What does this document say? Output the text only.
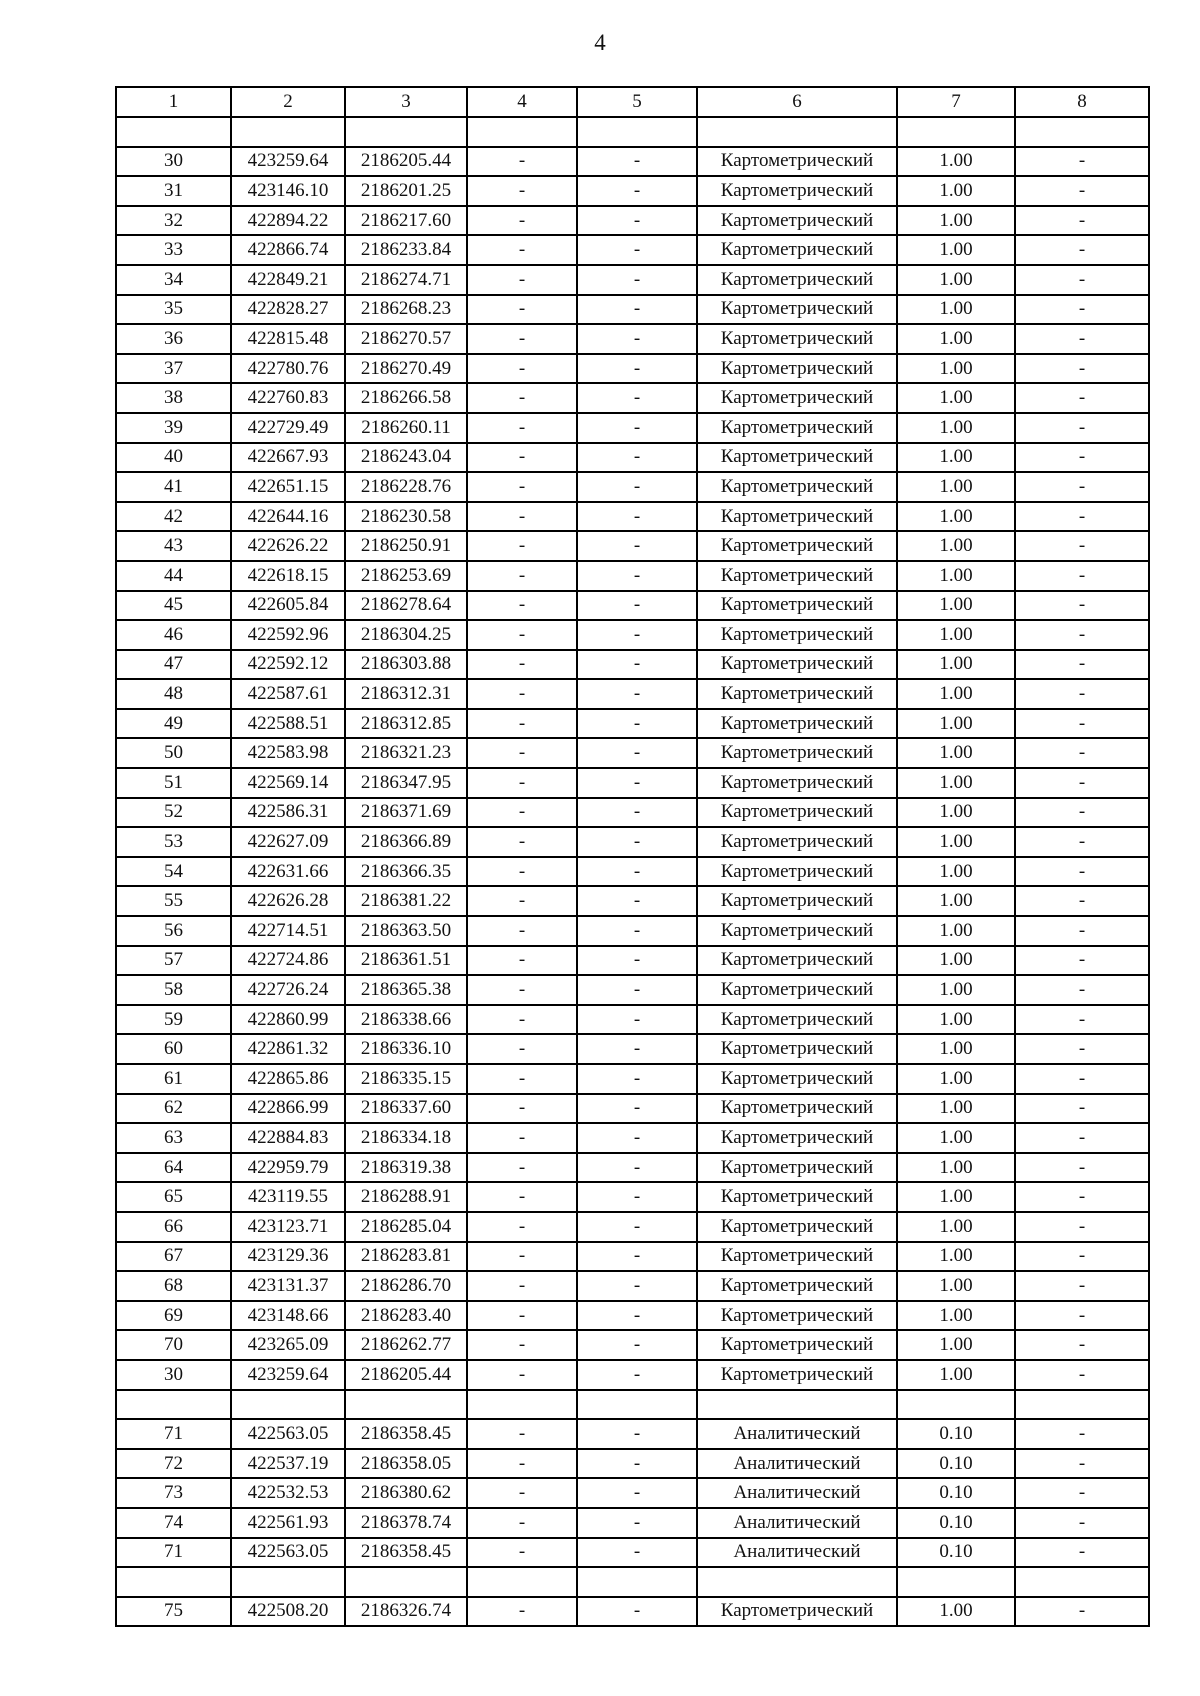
4
1	2	3	4	5	6	7	8

30	423259.64	2186205.44	-	-	Картометрический	1.00	-
31	423146.10	2186201.25	-	-	Картометрический	1.00	-
32	422894.22	2186217.60	-	-	Картометрический	1.00	-
33	422866.74	2186233.84	-	-	Картометрический	1.00	-
34	422849.21	2186274.71	-	-	Картометрический	1.00	-
35	422828.27	2186268.23	-	-	Картометрический	1.00	-
36	422815.48	2186270.57	-	-	Картометрический	1.00	-
37	422780.76	2186270.49	-	-	Картометрический	1.00	-
38	422760.83	2186266.58	-	-	Картометрический	1.00	-
39	422729.49	2186260.11	-	-	Картометрический	1.00	-
40	422667.93	2186243.04	-	-	Картометрический	1.00	-
41	422651.15	2186228.76	-	-	Картометрический	1.00	-
42	422644.16	2186230.58	-	-	Картометрический	1.00	-
43	422626.22	2186250.91	-	-	Картометрический	1.00	-
44	422618.15	2186253.69	-	-	Картометрический	1.00	-
45	422605.84	2186278.64	-	-	Картометрический	1.00	-
46	422592.96	2186304.25	-	-	Картометрический	1.00	-
47	422592.12	2186303.88	-	-	Картометрический	1.00	-
48	422587.61	2186312.31	-	-	Картометрический	1.00	-
49	422588.51	2186312.85	-	-	Картометрический	1.00	-
50	422583.98	2186321.23	-	-	Картометрический	1.00	-
51	422569.14	2186347.95	-	-	Картометрический	1.00	-
52	422586.31	2186371.69	-	-	Картометрический	1.00	-
53	422627.09	2186366.89	-	-	Картометрический	1.00	-
54	422631.66	2186366.35	-	-	Картометрический	1.00	-
55	422626.28	2186381.22	-	-	Картометрический	1.00	-
56	422714.51	2186363.50	-	-	Картометрический	1.00	-
57	422724.86	2186361.51	-	-	Картометрический	1.00	-
58	422726.24	2186365.38	-	-	Картометрический	1.00	-
59	422860.99	2186338.66	-	-	Картометрический	1.00	-
60	422861.32	2186336.10	-	-	Картометрический	1.00	-
61	422865.86	2186335.15	-	-	Картометрический	1.00	-
62	422866.99	2186337.60	-	-	Картометрический	1.00	-
63	422884.83	2186334.18	-	-	Картометрический	1.00	-
64	422959.79	2186319.38	-	-	Картометрический	1.00	-
65	423119.55	2186288.91	-	-	Картометрический	1.00	-
66	423123.71	2186285.04	-	-	Картометрический	1.00	-
67	423129.36	2186283.81	-	-	Картометрический	1.00	-
68	423131.37	2186286.70	-	-	Картометрический	1.00	-
69	423148.66	2186283.40	-	-	Картометрический	1.00	-
70	423265.09	2186262.77	-	-	Картометрический	1.00	-
30	423259.64	2186205.44	-	-	Картометрический	1.00	-

71	422563.05	2186358.45	-	-	Аналитический	0.10	-
72	422537.19	2186358.05	-	-	Аналитический	0.10	-
73	422532.53	2186380.62	-	-	Аналитический	0.10	-
74	422561.93	2186378.74	-	-	Аналитический	0.10	-
71	422563.05	2186358.45	-	-	Аналитический	0.10	-

75	422508.20	2186326.74	-	-	Картометрический	1.00	-
